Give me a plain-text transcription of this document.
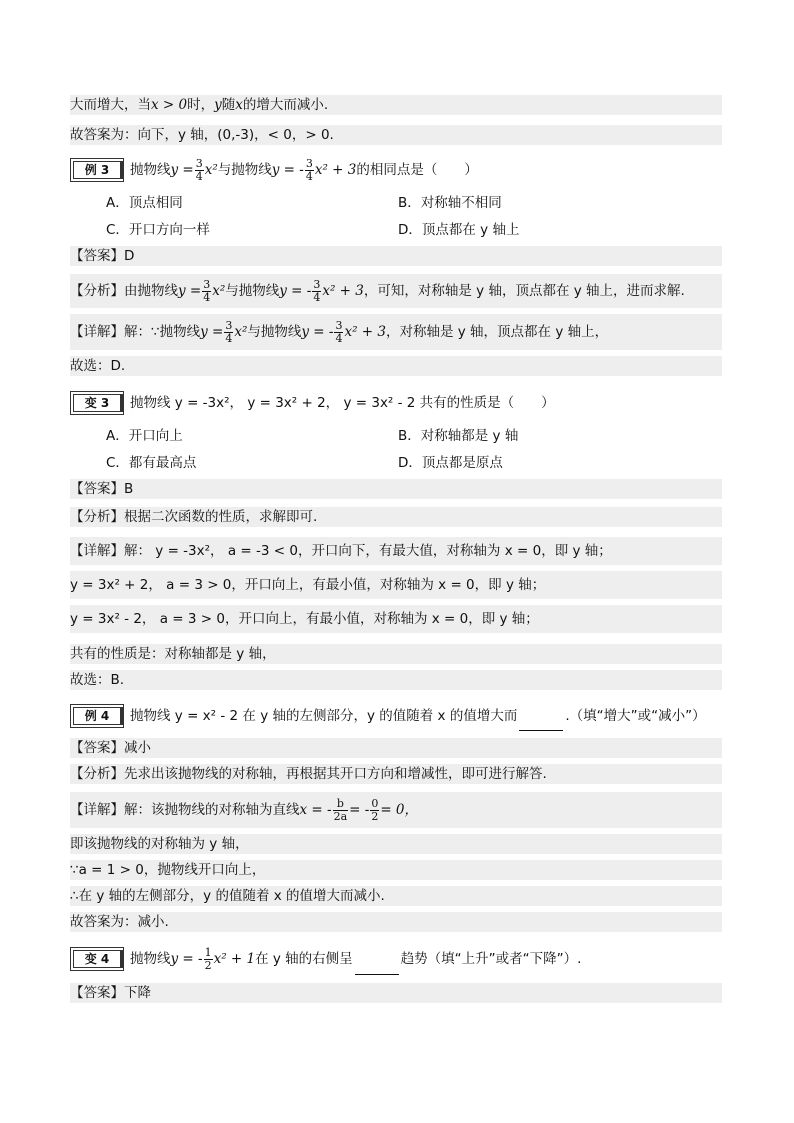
大而增大，当x > 0时，y随x的增大而减小.
故答案为：向下，y 轴，(0,-3)，< 0，> 0.
例 3	抛物线$y = \frac{3}{4} x^2$与抛物线y = - $\frac{3}{4} x^2 + 3$的相同点是（　　）
A．顶点相同	B．对称轴不相同
C．开口方向一样	D．顶点都在 y 轴上
【答案】D
【分析】由抛物线$y = \frac{3}{4} x^2$与抛物线y = - $\frac{3}{4} x^2 + 3$，可知，对称轴是 y 轴，顶点都在 y 轴上，进而求解.
【详解】解：∵抛物线$y = \frac{3}{4} x^2$与抛物线y = - $\frac{3}{4} x^2 + 3$，对称轴是 y 轴，顶点都在 y 轴上，
故选：D.
变 3	抛物线 y = -3x²， y = 3x² + 2， y = 3x² - 2 共有的性质是（　　）
A．开口向上	B．对称轴都是 y 轴
C．都有最高点	D．顶点都是原点
【答案】B
【分析】根据二次函数的性质，求解即可.
【详解】解： y = -3x²， a = -3 < 0，开口向下，有最大值，对称轴为 x = 0，即 y 轴；
y = 3x² + 2， a = 3 > 0，开口向上，有最小值，对称轴为 x = 0，即 y 轴；
y = 3x² - 2， a = 3 > 0，开口向上，有最小值，对称轴为 x = 0，即 y 轴；
共有的性质是：对称轴都是 y 轴，
故选：B.
例 4	抛物线 y = x² - 2 在 y 轴的左侧部分，y 的值随着 x 的值增大而	.（填“增大”或“减小”）
【答案】减小
【分析】先求出该抛物线的对称轴，再根据其开口方向和增减性，即可进行解答.
【详解】解：该抛物线的对称轴为直线x = - $\frac{b}{2a}$ = - $\frac{0}{2} = 0$，
即该抛物线的对称轴为 y 轴，
∵a = 1 > 0，抛物线开口向上，
∴在 y 轴的左侧部分，y 的值随着 x 的值增大而减小.
故答案为：减小.
变 4	抛物线y = - $\frac{1}{2} x^2 + 1$在 y 轴的右侧呈	趋势（填“上升”或者“下降”）.
【答案】下降
